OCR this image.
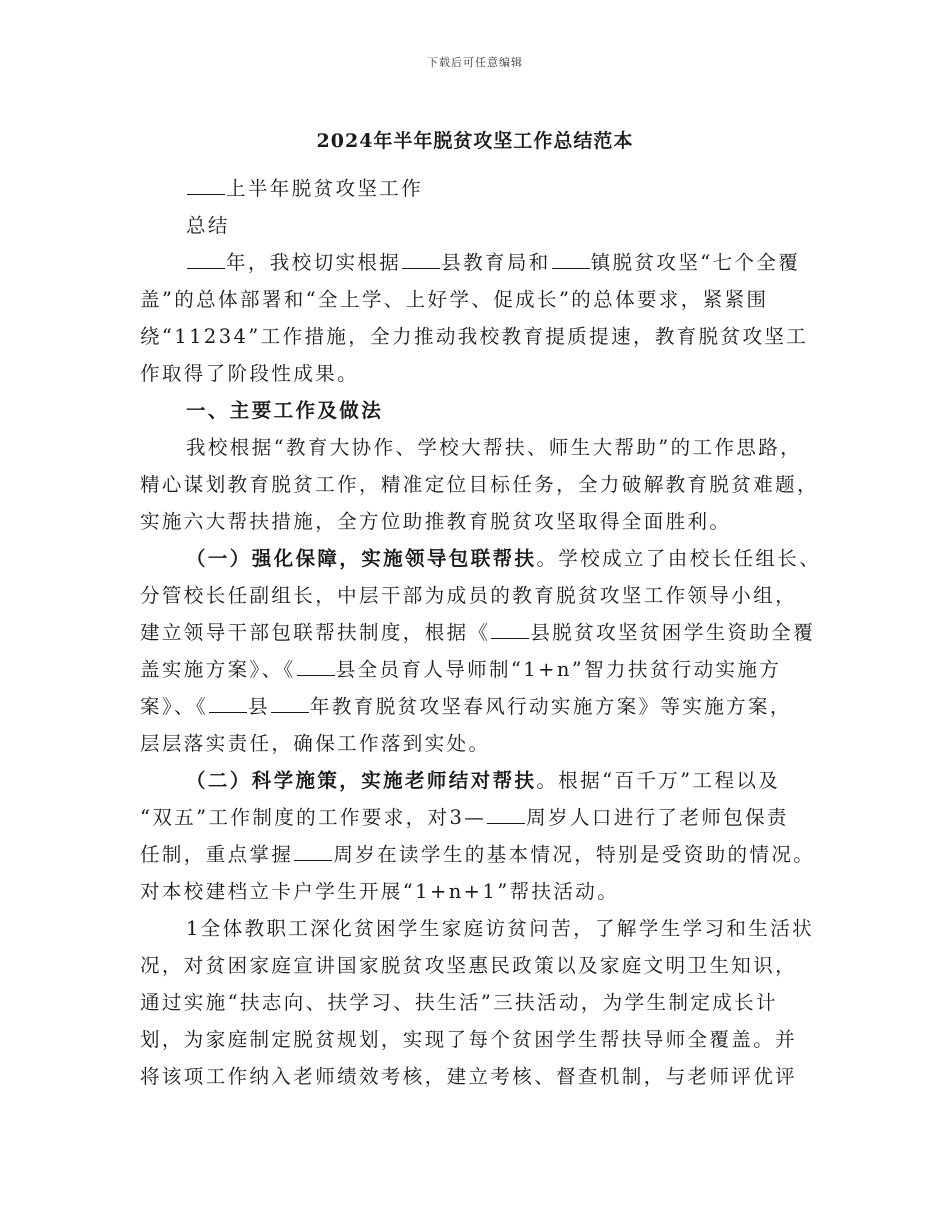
下载后可任意编辑
2024年半年脱贫攻坚工作总结范本
上半年脱贫攻坚工作
总结
年，我校切实根据 县教育局和 镇脱贫攻坚“七个全覆
盖”的总体部署和“全上学、上好学、促成长”的总体要求，紧紧围
绕“11234”工作措施，全力推动我校教育提质提速，教育脱贫攻坚工
作取得了阶段性成果。
一、主要工作及做法
我校根据“教育大协作、学校大帮扶、师生大帮助”的工作思路，
精心谋划教育脱贫工作，精准定位目标任务，全力破解教育脱贫难题，
实施六大帮扶措施，全方位助推教育脱贫攻坚取得全面胜利。
（一）强化保障，实施领导包联帮扶。学校成立了由校长任组长、
分管校长任副组长，中层干部为成员的教育脱贫攻坚工作领导小组，
建立领导干部包联帮扶制度，根据《 县脱贫攻坚贫困学生资助全覆
盖实施方案》、《 县全员育人导师制“1+n”智力扶贫行动实施方
案》、《 县 年教育脱贫攻坚春风行动实施方案》等实施方案，
层层落实责任，确保工作落到实处。
（二）科学施策，实施老师结对帮扶。根据“百千万”工程以及
“双五”工作制度的工作要求，对3— 周岁人口进行了老师包保责
任制，重点掌握 周岁在读学生的基本情况，特别是受资助的情况。
对本校建档立卡户学生开展“1+n+1”帮扶活动。
1全体教职工深化贫困学生家庭访贫问苦，了解学生学习和生活状
况，对贫困家庭宣讲国家脱贫攻坚惠民政策以及家庭文明卫生知识，
通过实施“扶志向、扶学习、扶生活”三扶活动，为学生制定成长计
划，为家庭制定脱贫规划，实现了每个贫困学生帮扶导师全覆盖。并
将该项工作纳入老师绩效考核，建立考核、督查机制，与老师评优评
